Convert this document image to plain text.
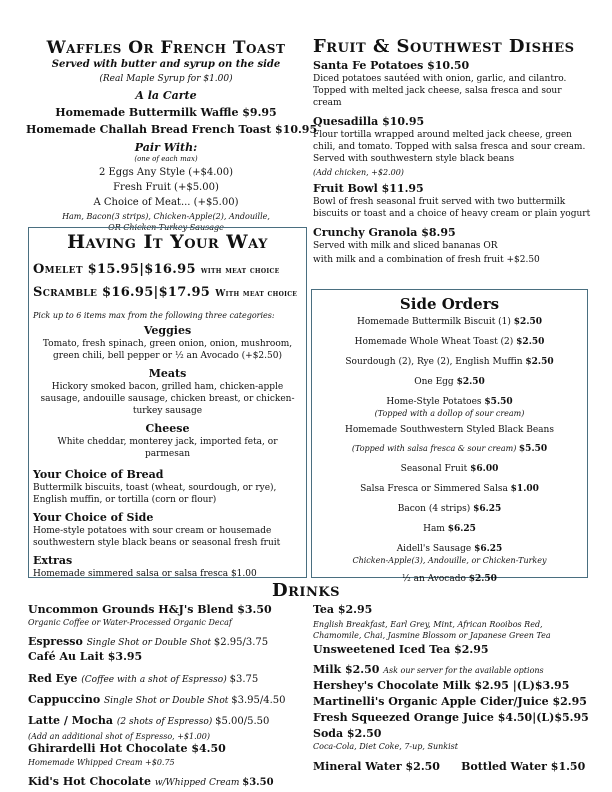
Waffles Or French Toast
Served with butter and syrup on the side
(Real Maple Syrup for $1.00)
A la Carte
Homemade Buttermilk Waffle $9.95
Homemade Challah Bread French Toast $10.95
Pair With:
(one of each max)
2 Eggs Any Style (+$4.00)
Fresh Fruit (+$5.00)
A Choice of Meat... (+$5.00)
Ham, Bacon(3 strips), Chicken-Apple(2), Andouille,
OR Chicken-Turkey Sausage
Having It Your Way
Omelet $15.95|$16.95 with meat choice
Scramble $16.95|$17.95 With meat choice
Pick up to 6 items max from the following three categories:
Veggies
Tomato, fresh spinach, green onion, onion, mushroom, green chili, bell pepper or ½ an Avocado (+$2.50)
Meats
Hickory smoked bacon, grilled ham, chicken-apple sausage, andouille sausage, chicken breast, or chicken-turkey sausage
Cheese
White cheddar, monterey jack, imported feta, or parmesan
Your Choice of Bread
Buttermilk biscuits, toast (wheat, sourdough, or rye), English muffin, or tortilla (corn or flour)
Your Choice of Side
Home-style potatoes with sour cream or housemade southwestern style black beans or seasonal fresh fruit
Extras
Homemade simmered salsa or salsa fresca $1.00
Fruit & Southwest Dishes
Santa Fe Potatoes $10.50
Diced potatoes sautéed with onion, garlic, and cilantro. Topped with melted jack cheese, salsa fresca and sour cream
Quesadilla $10.95
Flour tortilla wrapped around melted jack cheese, green chili, and tomato. Topped with salsa fresca and sour cream. Served with southwestern style black beans
(Add chicken, +$2.00)
Fruit Bowl $11.95
Bowl of fresh seasonal fruit served with two buttermilk biscuits or toast and a choice of heavy cream or plain yogurt
Crunchy Granola $8.95
Served with milk and sliced bananas OR
with milk and a combination of fresh fruit +$2.50
Side Orders
Homemade Buttermilk Biscuit (1) $2.50
Homemade Whole Wheat Toast (2) $2.50
Sourdough (2), Rye (2), English Muffin $2.50
One Egg $2.50
Home-Style Potatoes $5.50
(Topped with a dollop of sour cream)
Homemade Southwestern Styled Black Beans
(Topped with salsa fresca & sour cream) $5.50
Seasonal Fruit $6.00
Salsa Fresca or Simmered Salsa $1.00
Bacon (4 strips) $6.25
Ham $6.25
Aidell's Sausage $6.25
Chicken-Apple(3), Andouille, or Chicken-Turkey
½ an Avocado $2.50
Drinks
Uncommon Grounds H&J's Blend $3.50
Organic Coffee or Water-Processed Organic Decaf
Espresso Single Shot or Double Shot $2.95/3.75
Café Au Lait $3.95
Red Eye (Coffee with a shot of Espresso) $3.75
Cappuccino Single Shot or Double Shot $3.95/4.50
Latte / Mocha (2 shots of Espresso) $5.00/5.50
(Add an additional shot of Espresso, +$1.00)
Ghirardelli Hot Chocolate $4.50
Homemade Whipped Cream +$0.75
Kid's Hot Chocolate w/Whipped Cream $3.50
Tea $2.95
English Breakfast, Earl Grey, Mint, African Rooibos Red, Chamomile, Chai, Jasmine Blossom or Japanese Green Tea
Unsweetened Iced Tea $2.95
Milk $2.50 Ask our server for the available options
Hershey's Chocolate Milk $2.95 |(L)$3.95
Martinelli's Organic Apple Cider/Juice $2.95
Fresh Squeezed Orange Juice $4.50|(L)$5.95
Soda $2.50
Coca-Cola, Diet Coke, 7-up, Sunkist
Mineral Water $2.50 Bottled Water $1.50
